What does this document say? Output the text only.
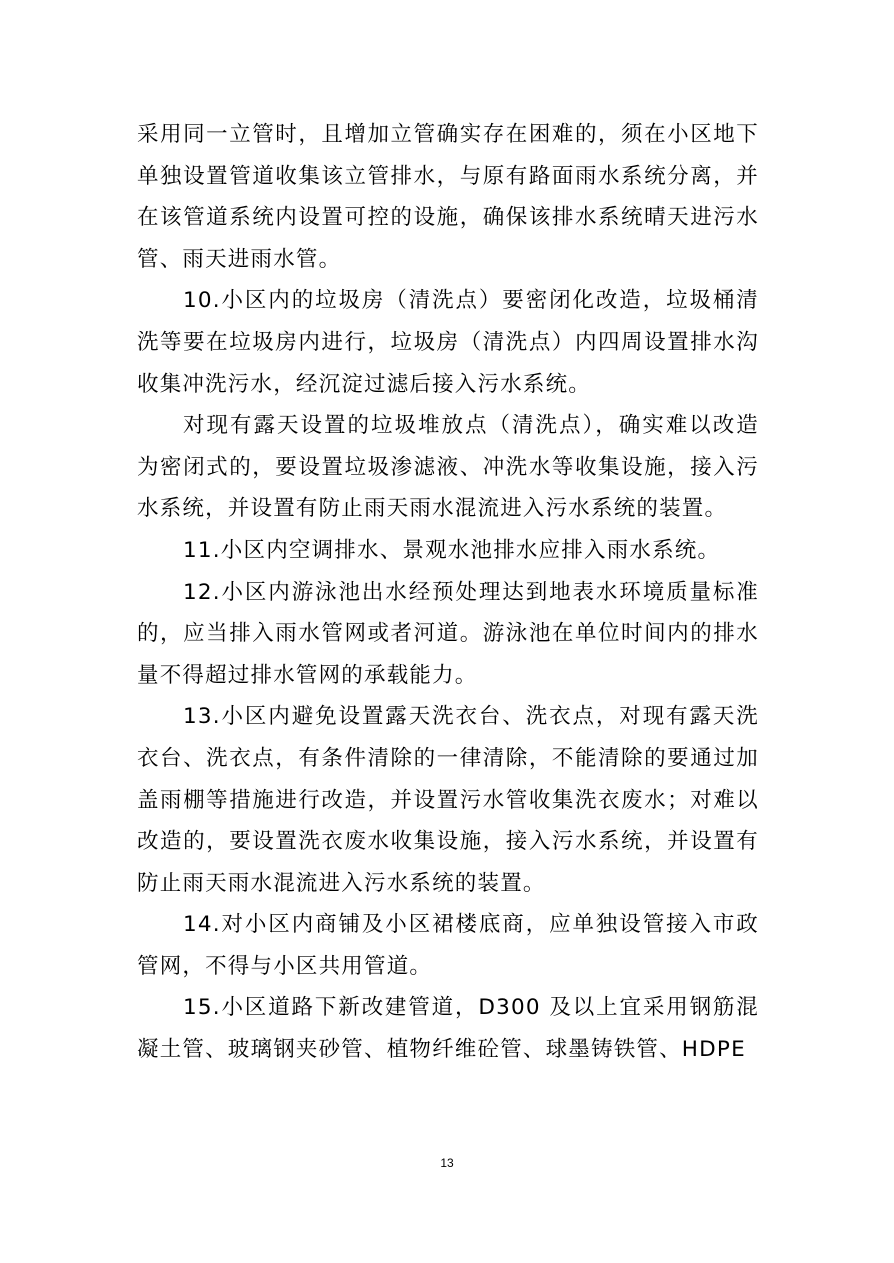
采用同一立管时，且增加立管确实存在困难的，须在小区地下单独设置管道收集该立管排水，与原有路面雨水系统分离，并在该管道系统内设置可控的设施，确保该排水系统晴天进污水管、雨天进雨水管。

10.小区内的垃圾房（清洗点）要密闭化改造，垃圾桶清洗等要在垃圾房内进行，垃圾房（清洗点）内四周设置排水沟收集冲洗污水，经沉淀过滤后接入污水系统。

对现有露天设置的垃圾堆放点（清洗点），确实难以改造为密闭式的，要设置垃圾渗滤液、冲洗水等收集设施，接入污水系统，并设置有防止雨天雨水混流进入污水系统的装置。

11.小区内空调排水、景观水池排水应排入雨水系统。

12.小区内游泳池出水经预处理达到地表水环境质量标准的，应当排入雨水管网或者河道。游泳池在单位时间内的排水量不得超过排水管网的承载能力。

13.小区内避免设置露天洗衣台、洗衣点，对现有露天洗衣台、洗衣点，有条件清除的一律清除，不能清除的要通过加盖雨棚等措施进行改造，并设置污水管收集洗衣废水；对难以改造的，要设置洗衣废水收集设施，接入污水系统，并设置有防止雨天雨水混流进入污水系统的装置。

14.对小区内商铺及小区裙楼底商，应单独设管接入市政管网，不得与小区共用管道。

15.小区道路下新改建管道，D300 及以上宜采用钢筋混凝土管、玻璃钢夹砂管、植物纤维砼管、球墨铸铁管、HDPE

13
